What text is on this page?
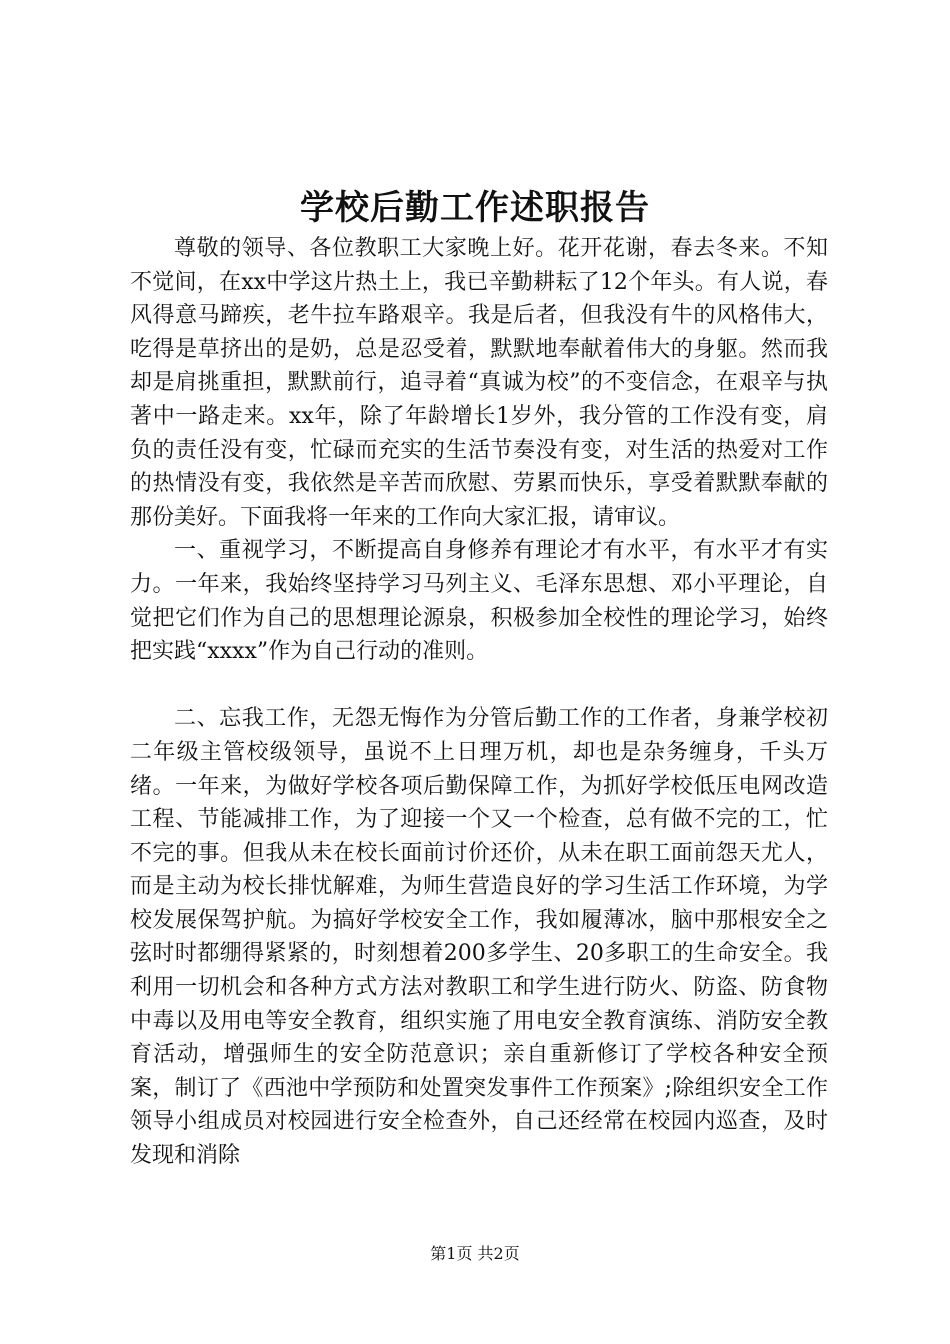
学校后勤工作述职报告

尊敬的领导、各位教职工大家晚上好。花开花谢，春去冬来。不知不觉间，在xx中学这片热土上，我已辛勤耕耘了12个年头。有人说，春风得意马蹄疾，老牛拉车路艰辛。我是后者，但我没有牛的风格伟大，吃得是草挤出的是奶，总是忍受着，默默地奉献着伟大的身躯。然而我却是肩挑重担，默默前行，追寻着“真诚为校”的不变信念，在艰辛与执著中一路走来。xx年，除了年龄增长1岁外，我分管的工作没有变，肩负的责任没有变，忙碌而充实的生活节奏没有变，对生活的热爱对工作的热情没有变，我依然是辛苦而欣慰、劳累而快乐，享受着默默奉献的那份美好。下面我将一年来的工作向大家汇报，请审议。

一、重视学习，不断提高自身修养有理论才有水平，有水平才有实力。一年来，我始终坚持学习马列主义、毛泽东思想、邓小平理论，自觉把它们作为自己的思想理论源泉，积极参加全校性的理论学习，始终把实践“xxxx”作为自己行动的准则。

二、忘我工作，无怨无悔作为分管后勤工作的工作者，身兼学校初二年级主管校级领导，虽说不上日理万机，却也是杂务缠身，千头万绪。一年来，为做好学校各项后勤保障工作，为抓好学校低压电网改造工程、节能减排工作，为了迎接一个又一个检查，总有做不完的工，忙不完的事。但我从未在校长面前讨价还价，从未在职工面前怨天尤人，而是主动为校长排忧解难，为师生营造良好的学习生活工作环境，为学校发展保驾护航。为搞好学校安全工作，我如履薄冰，脑中那根安全之弦时时都绷得紧紧的，时刻想着200多学生、20多职工的生命安全。我利用一切机会和各种方式方法对教职工和学生进行防火、防盗、防食物中毒以及用电等安全教育，组织实施了用电安全教育演练、消防安全教育活动，增强师生的安全防范意识；亲自重新修订了学校各种安全预案，制订了《西池中学预防和处置突发事件工作预案》;除组织安全工作领导小组成员对校园进行安全检查外，自己还经常在校园内巡查，及时发现和消除

第1页 共2页
